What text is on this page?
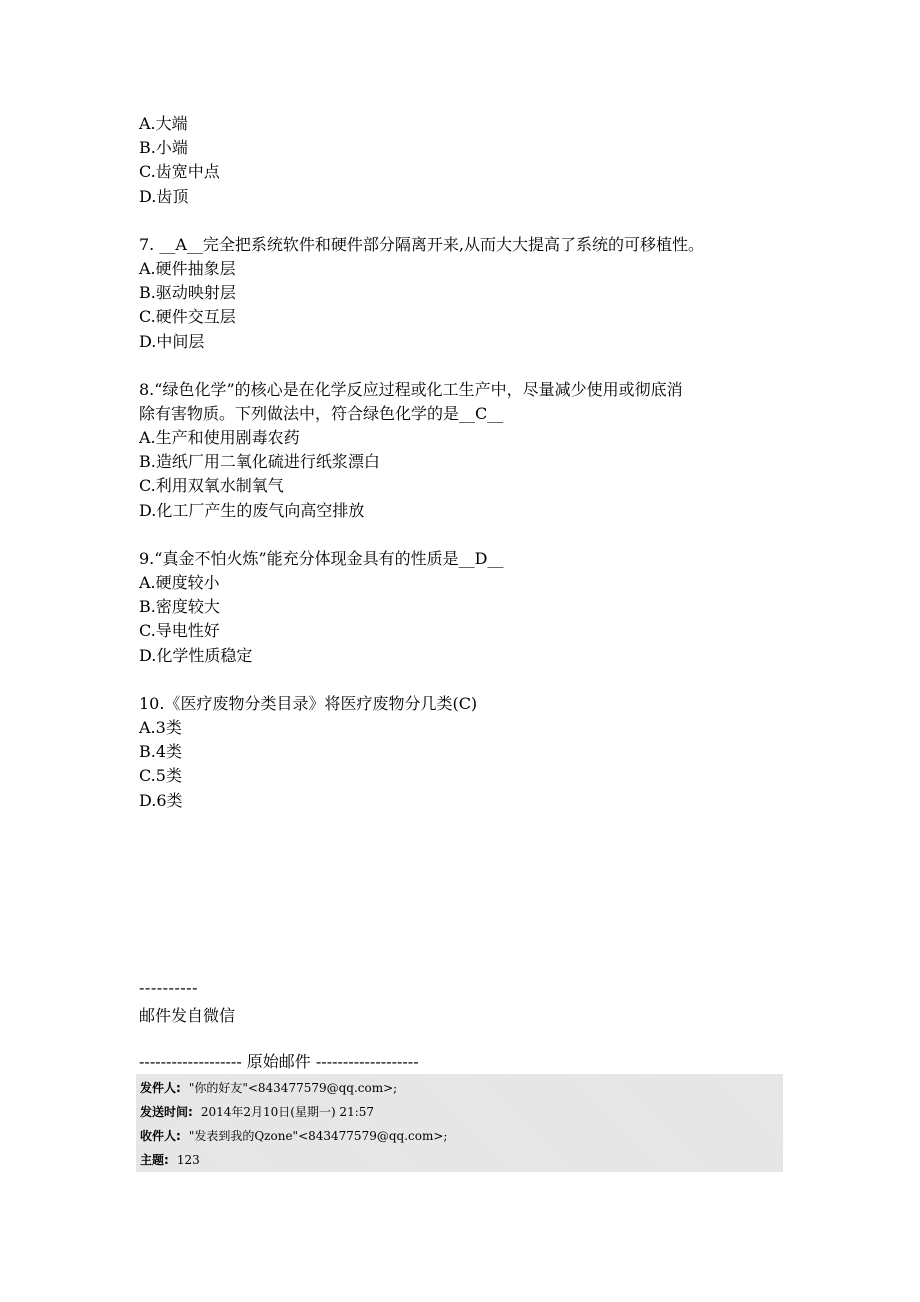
A.大端
B.小端
C.齿宽中点
D.齿顶
7. __A__完全把系统软件和硬件部分隔离开来,从而大大提高了系统的可移植性。
A.硬件抽象层
B.驱动映射层
C.硬件交互层
D.中间层
8.“绿色化学”的核心是在化学反应过程或化工生产中，尽量减少使用或彻底消
除有害物质。下列做法中，符合绿色化学的是__C__
A.生产和使用剧毒农药
B.造纸厂用二氧化硫进行纸浆漂白
C.利用双氧水制氧气
D.化工厂产生的废气向高空排放
9.“真金不怕火炼”能充分体现金具有的性质是__D__
A.硬度较小
B.密度较大
C.导电性好
D.化学性质稳定
10.《医疗废物分类目录》将医疗废物分几类(C)
A.3类
B.4类
C.5类
D.6类
----------
邮件发自微信
------------------- 原始邮件 -------------------
发件人: "你的好友"<843477579@qq.com>;
发送时间: 2014年2月10日(星期一) 21:57
收件人: "发表到我的Qzone"<843477579@qq.com>;
主题: 123
